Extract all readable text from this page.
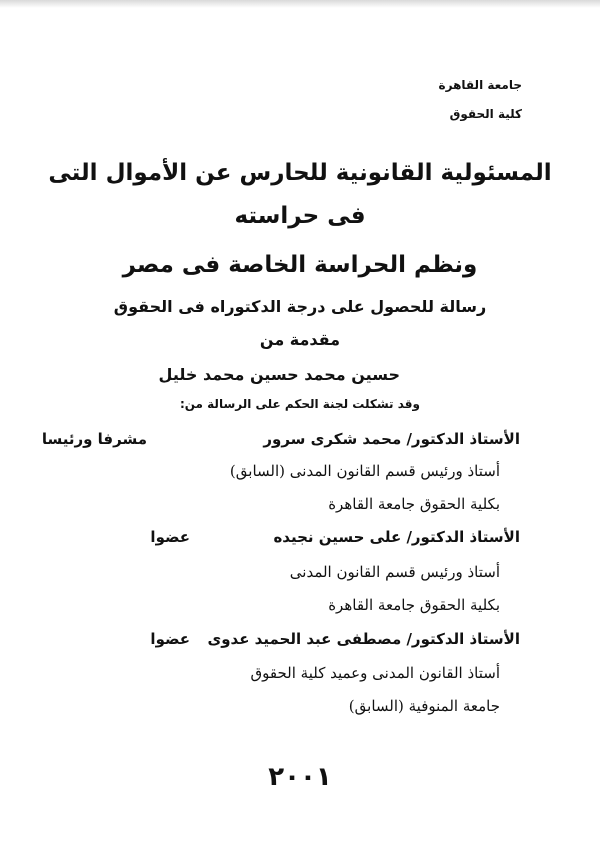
جامعة القاهرة
كلية الحقوق
المسئولية القانونية للحارس عن الأموال التى
فى حراسته
ونظم الحراسة الخاصة فى مصر
رسالة للحصول على درجة الدكتوراه فى الحقوق
مقدمة من
حسين محمد حسين محمد خليل
وقد تشكلت لجنة الحكم على الرسالة من:
الأستاذ الدكتور/ محمد شكرى سرور
مشرفا ورئيسا
أستاذ ورئيس قسم القانون المدنى (السابق)
بكلية الحقوق جامعة القاهرة
الأستاذ الدكتور/ على حسين نجيده
عضوا
أستاذ ورئيس قسم القانون المدنى
بكلية الحقوق جامعة القاهرة
الأستاذ الدكتور/ مصطفى عبد الحميد عدوى
عضوا
أستاذ القانون المدنى وعميد كلية الحقوق
جامعة المنوفية (السابق)
٢٠٠١
